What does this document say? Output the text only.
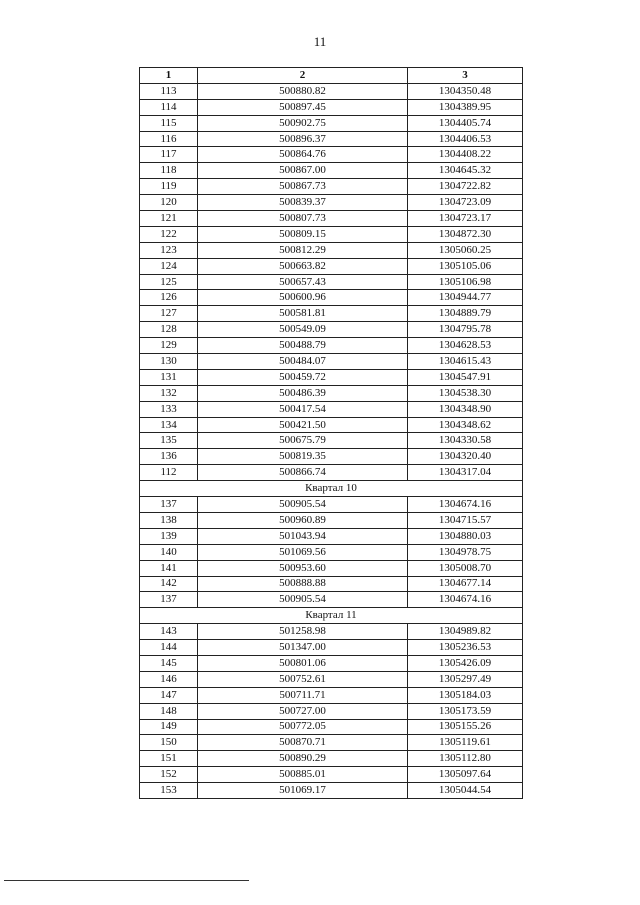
11
1	2	3
113	500880.82	1304350.48
114	500897.45	1304389.95
115	500902.75	1304405.74
116	500896.37	1304406.53
117	500864.76	1304408.22
118	500867.00	1304645.32
119	500867.73	1304722.82
120	500839.37	1304723.09
121	500807.73	1304723.17
122	500809.15	1304872.30
123	500812.29	1305060.25
124	500663.82	1305105.06
125	500657.43	1305106.98
126	500600.96	1304944.77
127	500581.81	1304889.79
128	500549.09	1304795.78
129	500488.79	1304628.53
130	500484.07	1304615.43
131	500459.72	1304547.91
132	500486.39	1304538.30
133	500417.54	1304348.90
134	500421.50	1304348.62
135	500675.79	1304330.58
136	500819.35	1304320.40
112	500866.74	1304317.04
Квартал 10		
137	500905.54	1304674.16
138	500960.89	1304715.57
139	501043.94	1304880.03
140	501069.56	1304978.75
141	500953.60	1305008.70
142	500888.88	1304677.14
137	500905.54	1304674.16
Квартал 11		
143	501258.98	1304989.82
144	501347.00	1305236.53
145	500801.06	1305426.09
146	500752.61	1305297.49
147	500711.71	1305184.03
148	500727.00	1305173.59
149	500772.05	1305155.26
150	500870.71	1305119.61
151	500890.29	1305112.80
152	500885.01	1305097.64
153	501069.17	1305044.54
